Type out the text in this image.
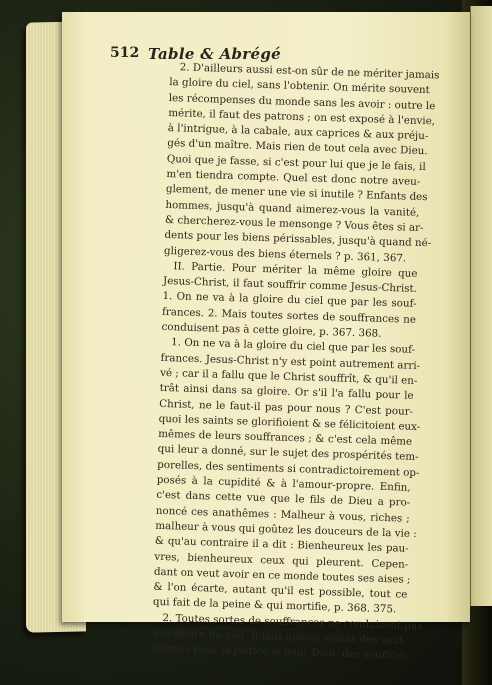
512 Table & Abrégé
2. D'ailleurs aussi est-on sûr de ne mériter jamais
la gloire du ciel, sans l'obtenir. On mérite souvent
les récompenses du monde sans les avoir : outre le
mérite, il faut des patrons ; on est exposé à l'envie,
à l'intrigue, à la cabale, aux caprices & aux préju-
gés d'un maître. Mais rien de tout cela avec Dieu.
Quoi que je fasse, si c'est pour lui que je le fais, il
m'en tiendra compte. Quel est donc notre aveu-
glement, de mener une vie si inutile ? Enfants des
hommes, jusqu'à quand aimerez-vous la vanité,
& chercherez-vous le mensonge ? Vous êtes si ar-
dents pour les biens périssables, jusqu'à quand né-
gligerez-vous des biens éternels ? p. 361, 367.
II. Partie. Pour mériter la même gloire que
Jesus-Christ, il faut souffrir comme Jesus-Christ.
1. On ne va à la gloire du ciel que par les souf-
frances. 2. Mais toutes sortes de souffrances ne
conduisent pas à cette gloire, p. 367. 368.
1. On ne va à la gloire du ciel que par les souf-
frances. Jesus-Christ n'y est point autrement arri-
vé ; car il a fallu que le Christ souffrît, & qu'il en-
trât ainsi dans sa gloire. Or s'il l'a fallu pour le
Christ, ne le faut-il pas pour nous ? C'est pour-
quoi les saints se glorifioient & se félicitoient eux-
mêmes de leurs souffrances ; & c'est cela même
qui leur a donné, sur le sujet des prospérités tem-
porelles, des sentiments si contradictoirement op-
posés à la cupidité & à l'amour-propre. Enfin,
c'est dans cette vue que le fils de Dieu a pro-
noncé ces anathêmes : Malheur à vous, riches ;
malheur à vous qui goûtez les douceurs de la vie :
& qu'au contraire il a dit : Bienheureux les pau-
vres, bienheureux ceux qui pleurent. Cepen-
dant on veut avoir en ce monde toutes ses aises ;
& l'on écarte, autant qu'il est possible, tout ce
qui fait de la peine & qui mortifie, p. 368. 375.
2. Toutes sortes de souffrances ne conduisent pas
à la gloire du ciel. Il faut que ce soient des souf-
frances pour la justice & pour Dieu, des souffran-
